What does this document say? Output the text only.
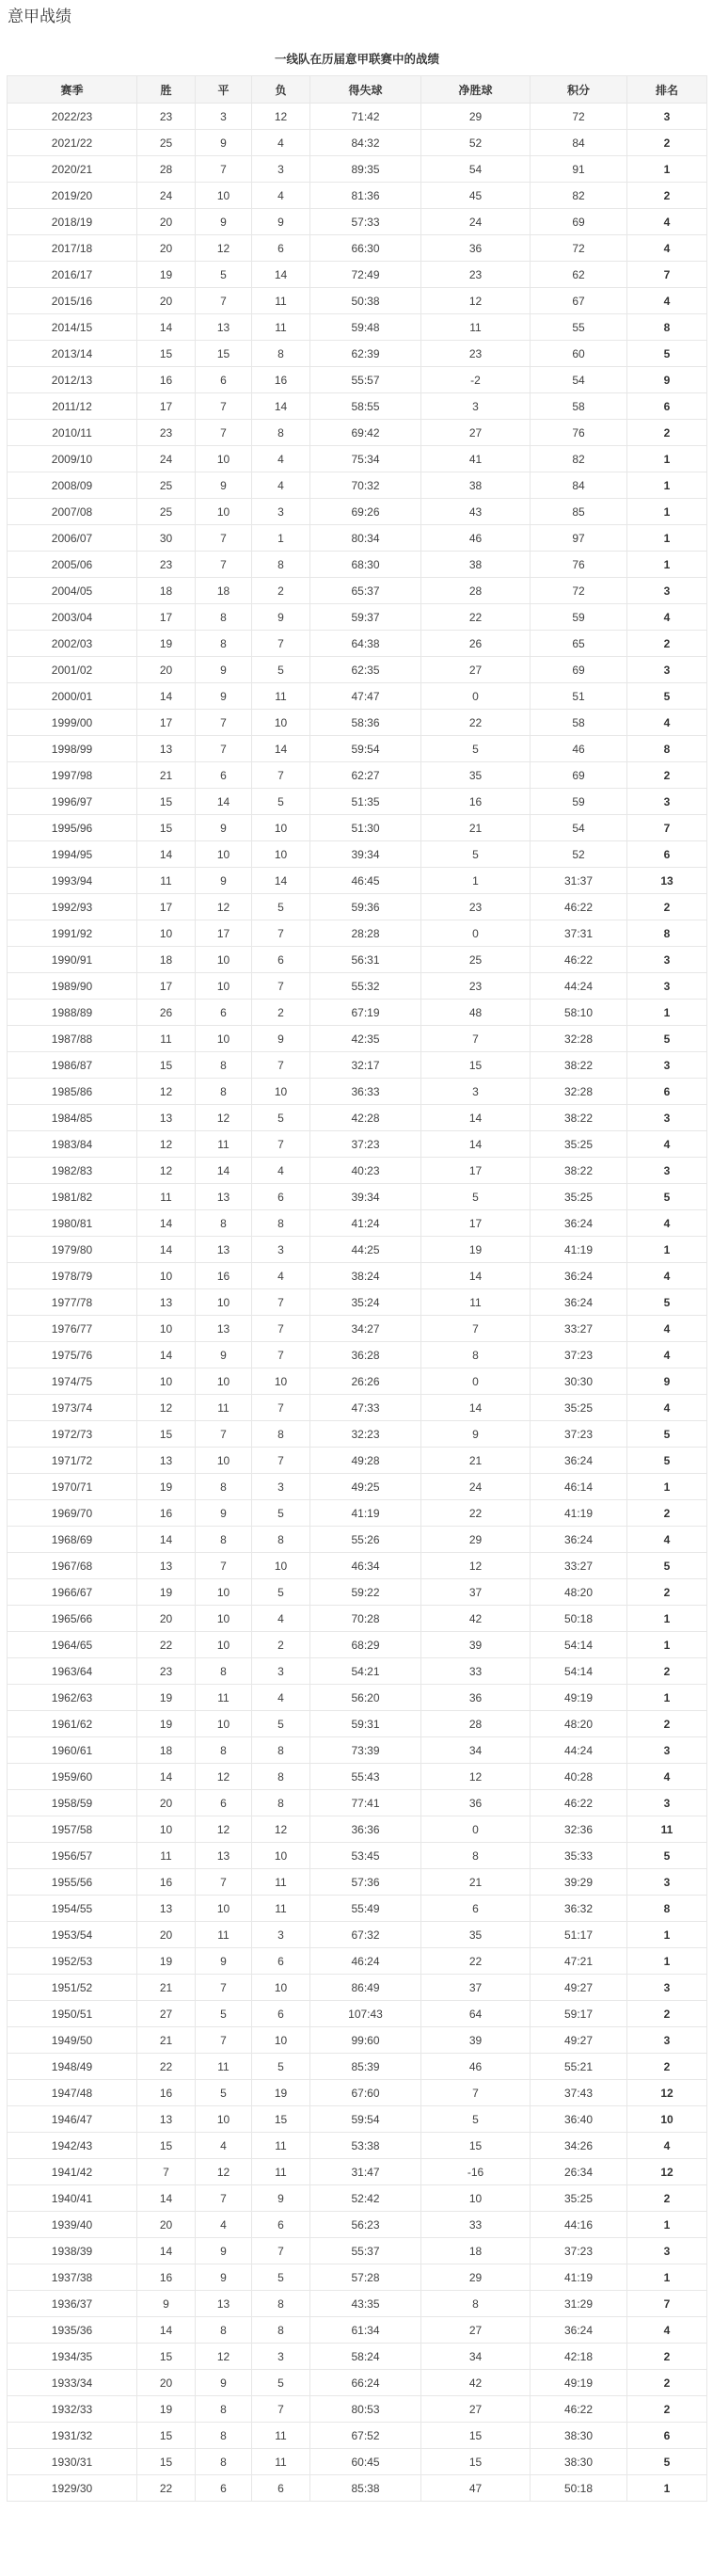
意甲战绩
一线队在历届意甲联赛中的战绩
赛季	胜	平	负	得失球	净胜球	积分	排名
2022/23	23	3	12	71:42	29	72	3
2021/22	25	9	4	84:32	52	84	2
2020/21	28	7	3	89:35	54	91	1
2019/20	24	10	4	81:36	45	82	2
2018/19	20	9	9	57:33	24	69	4
2017/18	20	12	6	66:30	36	72	4
2016/17	19	5	14	72:49	23	62	7
2015/16	20	7	11	50:38	12	67	4
2014/15	14	13	11	59:48	11	55	8
2013/14	15	15	8	62:39	23	60	5
2012/13	16	6	16	55:57	-2	54	9
2011/12	17	7	14	58:55	3	58	6
2010/11	23	7	8	69:42	27	76	2
2009/10	24	10	4	75:34	41	82	1
2008/09	25	9	4	70:32	38	84	1
2007/08	25	10	3	69:26	43	85	1
2006/07	30	7	1	80:34	46	97	1
2005/06	23	7	8	68:30	38	76	1
2004/05	18	18	2	65:37	28	72	3
2003/04	17	8	9	59:37	22	59	4
2002/03	19	8	7	64:38	26	65	2
2001/02	20	9	5	62:35	27	69	3
2000/01	14	9	11	47:47	0	51	5
1999/00	17	7	10	58:36	22	58	4
1998/99	13	7	14	59:54	5	46	8
1997/98	21	6	7	62:27	35	69	2
1996/97	15	14	5	51:35	16	59	3
1995/96	15	9	10	51:30	21	54	7
1994/95	14	10	10	39:34	5	52	6
1993/94	11	9	14	46:45	1	31:37	13
1992/93	17	12	5	59:36	23	46:22	2
1991/92	10	17	7	28:28	0	37:31	8
1990/91	18	10	6	56:31	25	46:22	3
1989/90	17	10	7	55:32	23	44:24	3
1988/89	26	6	2	67:19	48	58:10	1
1987/88	11	10	9	42:35	7	32:28	5
1986/87	15	8	7	32:17	15	38:22	3
1985/86	12	8	10	36:33	3	32:28	6
1984/85	13	12	5	42:28	14	38:22	3
1983/84	12	11	7	37:23	14	35:25	4
1982/83	12	14	4	40:23	17	38:22	3
1981/82	11	13	6	39:34	5	35:25	5
1980/81	14	8	8	41:24	17	36:24	4
1979/80	14	13	3	44:25	19	41:19	1
1978/79	10	16	4	38:24	14	36:24	4
1977/78	13	10	7	35:24	11	36:24	5
1976/77	10	13	7	34:27	7	33:27	4
1975/76	14	9	7	36:28	8	37:23	4
1974/75	10	10	10	26:26	0	30:30	9
1973/74	12	11	7	47:33	14	35:25	4
1972/73	15	7	8	32:23	9	37:23	5
1971/72	13	10	7	49:28	21	36:24	5
1970/71	19	8	3	49:25	24	46:14	1
1969/70	16	9	5	41:19	22	41:19	2
1968/69	14	8	8	55:26	29	36:24	4
1967/68	13	7	10	46:34	12	33:27	5
1966/67	19	10	5	59:22	37	48:20	2
1965/66	20	10	4	70:28	42	50:18	1
1964/65	22	10	2	68:29	39	54:14	1
1963/64	23	8	3	54:21	33	54:14	2
1962/63	19	11	4	56:20	36	49:19	1
1961/62	19	10	5	59:31	28	48:20	2
1960/61	18	8	8	73:39	34	44:24	3
1959/60	14	12	8	55:43	12	40:28	4
1958/59	20	6	8	77:41	36	46:22	3
1957/58	10	12	12	36:36	0	32:36	11
1956/57	11	13	10	53:45	8	35:33	5
1955/56	16	7	11	57:36	21	39:29	3
1954/55	13	10	11	55:49	6	36:32	8
1953/54	20	11	3	67:32	35	51:17	1
1952/53	19	9	6	46:24	22	47:21	1
1951/52	21	7	10	86:49	37	49:27	3
1950/51	27	5	6	107:43	64	59:17	2
1949/50	21	7	10	99:60	39	49:27	3
1948/49	22	11	5	85:39	46	55:21	2
1947/48	16	5	19	67:60	7	37:43	12
1946/47	13	10	15	59:54	5	36:40	10
1942/43	15	4	11	53:38	15	34:26	4
1941/42	7	12	11	31:47	-16	26:34	12
1940/41	14	7	9	52:42	10	35:25	2
1939/40	20	4	6	56:23	33	44:16	1
1938/39	14	9	7	55:37	18	37:23	3
1937/38	16	9	5	57:28	29	41:19	1
1936/37	9	13	8	43:35	8	31:29	7
1935/36	14	8	8	61:34	27	36:24	4
1934/35	15	12	3	58:24	34	42:18	2
1933/34	20	9	5	66:24	42	49:19	2
1932/33	19	8	7	80:53	27	46:22	2
1931/32	15	8	11	67:52	15	38:30	6
1930/31	15	8	11	60:45	15	38:30	5
1929/30	22	6	6	85:38	47	50:18	1
